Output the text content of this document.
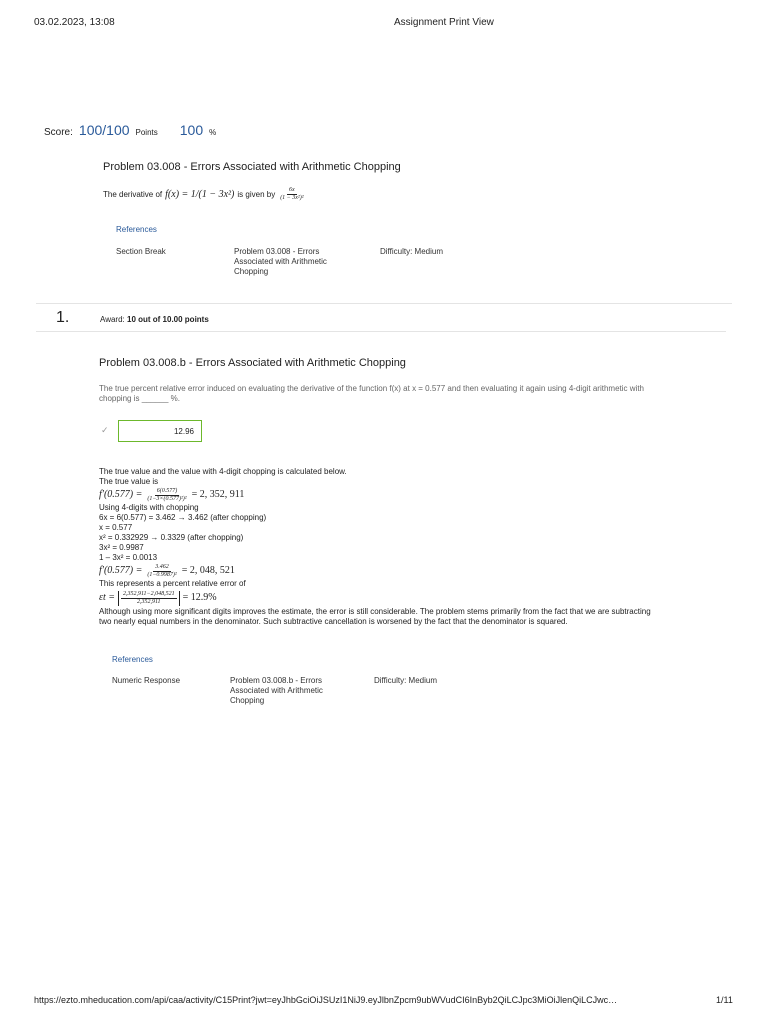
03.02.2023, 13:08	Assignment Print View
Score: 100/100 Points 100 %
Problem 03.008 - Errors Associated with Arithmetic Chopping
The derivative of f(x) = 1/(1 − 3x²) is given by $\frac{6x}{\text{(1 − 3x²)²}}$
References
Section Break	Problem 03.008 - Errors
Associated with Arithmetic
Chopping
Difficulty: Medium
1.	Award: 10 out of 10.00 points
Problem 03.008.b - Errors Associated with Arithmetic Chopping
The true percent relative error induced on evaluating the derivative of the function f(x) at x = 0.577 and then evaluating it again using 4-digit arithmetic with
chopping is ______ %.
✓	12.96
The true value and the value with 4-digit chopping is calculated below.
The true value is
$f'(0.577) = \frac{6(0.577)}{\text{(1−3×(0.577)²)²}} = 2$, 352, 911
Using 4-digits with chopping
6x = 6(0.577) = 3.462 → 3.462 (after chopping)
x = 0.577
x² = 0.332929 → 0.3329 (after chopping)
3x² = 0.9987
1 – 3x² = 0.0013
$f'(0.577) = \frac{3.462}{\text{(1−0.9987)²}} = 2$, 048, 521
This represents a percent relative error of
$\varepsilon t = \frac{2,352,911-2,048,521}{2,352,911} = 12.9\%$
Although using more significant digits improves the estimate, the error is still considerable. The problem stems primarily from the fact that we are subtracting
two nearly equal numbers in the denominator. Such subtractive cancellation is worsened by the fact that the denominator is squared.
References
Numeric Response	Problem 03.008.b - Errors
Associated with Arithmetic
Chopping
Difficulty: Medium
https://ezto.mheducation.com/api/caa/activity/C15Print?jwt=eyJhbGciOiJSUzI1NiJ9.eyJlbnZpcm9ubWVudCI6InByb2QiLCJpc3MiOiJlenQiLCJwc…	1/11
